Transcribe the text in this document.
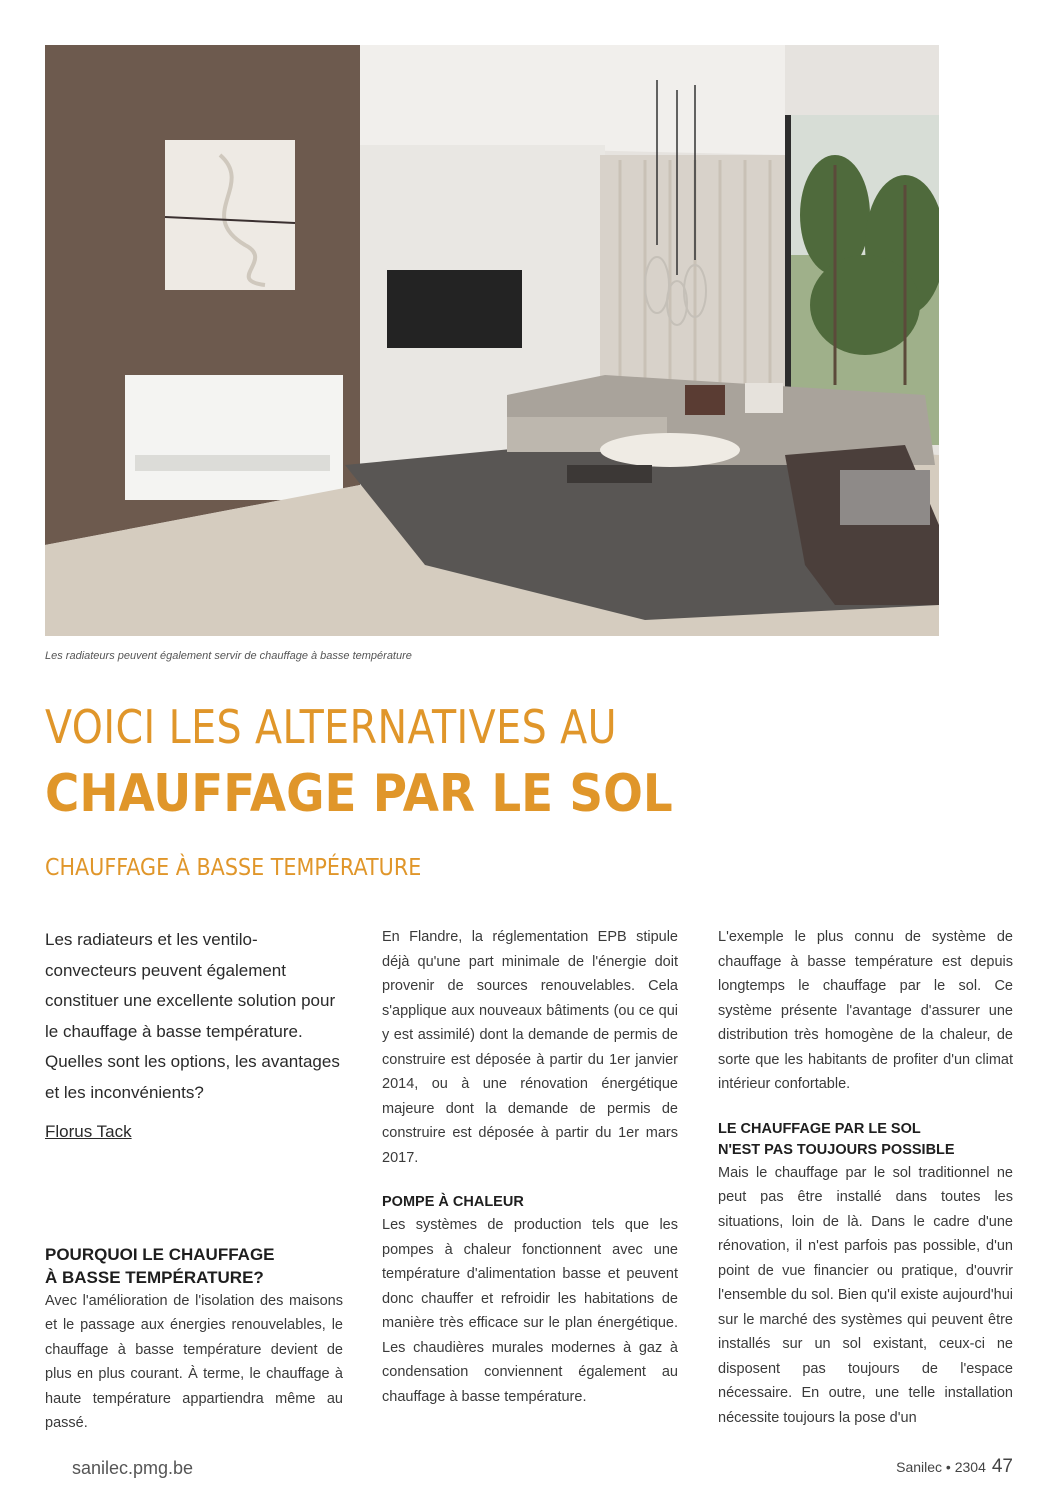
Les radiateurs peuvent également servir de chauffage à basse température
VOICI LES ALTERNATIVES AU
CHAUFFAGE PAR LE SOL
CHAUFFAGE À BASSE TEMPÉRATURE

Les radiateurs et les ventilo-convecteurs peuvent également constituer une excellente solution pour le chauffage à basse température. Quelles sont les options, les avantages et les inconvénients?

Florus Tack
POURQUOI LE CHAUFFAGE
À BASSE TEMPÉRATURE?

Avec l'amélioration de l'isolation des maisons et le passage aux énergies renouvelables, le chauffage à basse température devient de plus en plus courant. À terme, le chauffage à haute température appartiendra même au passé.

En Flandre, la réglementation EPB stipule déjà qu'une part minimale de l'énergie doit provenir de sources renouvelables. Cela s'applique aux nouveaux bâtiments (ou ce qui y est assimilé) dont la demande de permis de construire est déposée à partir du 1er janvier 2014, ou à une rénovation énergétique majeure dont la demande de permis de construire est déposée à partir du 1er mars 2017.

POMPE À CHALEUR

Les systèmes de production tels que les pompes à chaleur fonctionnent avec une température d'alimentation basse et peuvent donc chauffer et refroidir les habitations de manière très efficace sur le plan énergétique. Les chaudières murales modernes à gaz à condensation conviennent également au chauffage à basse température.

L'exemple le plus connu de système de chauffage à basse température est depuis longtemps le chauffage par le sol. Ce système présente l'avantage d'assurer une distribution très homogène de la chaleur, de sorte que les habitants de profiter d'un climat intérieur confortable.

LE CHAUFFAGE PAR LE SOL
N'EST PAS TOUJOURS POSSIBLE

Mais le chauffage par le sol traditionnel ne peut pas être installé dans toutes les situations, loin de là. Dans le cadre d'une rénovation, il n'est parfois pas possible, d'un point de vue financier ou pratique, d'ouvrir l'ensemble du sol. Bien qu'il existe aujourd'hui sur le marché des systèmes qui peuvent être installés sur un sol existant, ceux-ci ne disposent pas toujours de l'espace nécessaire. En outre, une telle installation nécessite toujours la pose d'un

sanilec.pmg.be	Sanilec • 2304 47
